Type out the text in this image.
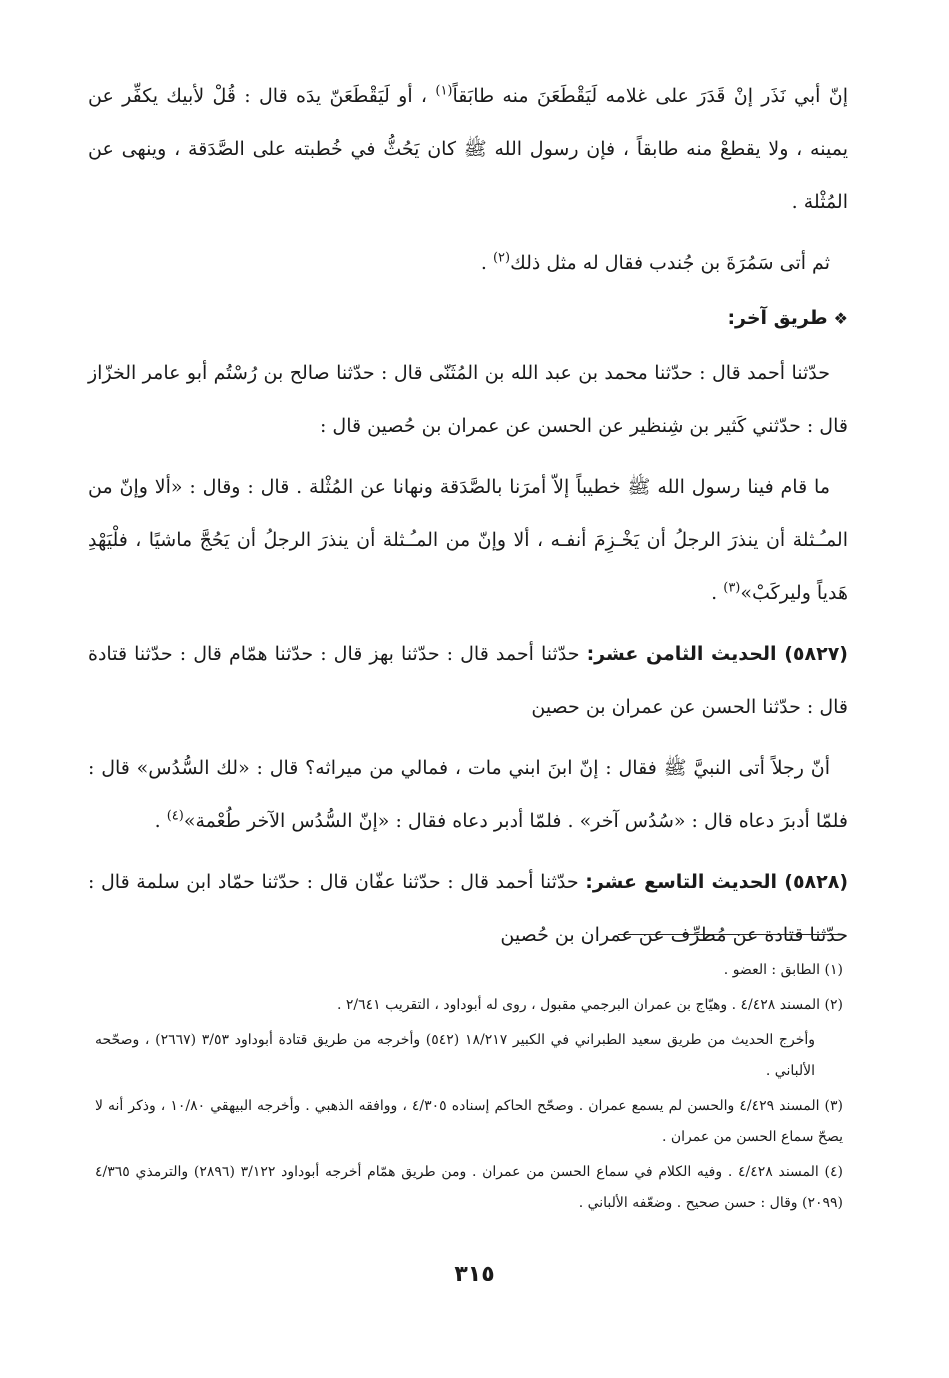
إنّ أبي نَذَر إنْ قَدَرَ على غلامه لَيَقْطَعَنَ منه طابَقاً$^{(١)}$ ، أو لَيَقْطَعَنّ يدَه قال : قُلْ لأبيك يكفِّر عن يمينه ، ولا يقطعْ منه طابقاً ، فإن رسول الله ﷺ كان يَحُثُّ في خُطبته على الصَّدَقة ، وينهى عن المُثْلة .

ثم أتى سَمُرَةَ بن جُندب فقال له مثل ذلك$^{(٢)}$ .

❖طريق آخر:

حدّثنا أحمد قال : حدّثنا محمد بن عبد الله بن المُثَنّى قال : حدّثنا صالح بن رُسْتُم أبو عامر الخزّاز قال : حدّثني كَثير بن شِنظير عن الحسن عن عمران بن حُصين قال :

ما قام فينا رسول الله ﷺ خطيباً إلاّ أمرَنا بالصَّدَقة ونهانا عن المُثْلة . قال : وقال : «ألا وإنّ من المـُـثلة أن ينذرَ الرجلُ أن يَخْـزِمَ أنفـه ، ألا وإنّ من المـُـثلة أن ينذرَ الرجلُ أن يَحُجَّ ماشيًا ، فلْيَهْدِ هَدياً وليركَبْ»$^{(٣)}$ .

(٥٨٢٧) الحديث الثامن عشر: حدّثنا أحمد قال : حدّثنا بهز قال : حدّثنا همّام قال : حدّثنا قتادة قال : حدّثنا الحسن عن عمران بن حصين

أنّ رجلاً أتى النبيَّ ﷺ فقال : إنّ ابنَ ابني مات ، فمالي من ميراثه؟ قال : «لك السُّدُس» قال : فلمّا أدبرَ دعاه قال : «سُدُس آخر» . فلمّا أدبر دعاه فقال : «إنّ السُّدُس الآخر طُعْمة»$^{(٤)}$ .

(٥٨٢٨) الحديث التاسع عشر: حدّثنا أحمد قال : حدّثنا عفّان قال : حدّثنا حمّاد ابن سلمة قال : حدّثنا قتادة عن مُطرِّف عن عمران بن حُصين

(١) الطابق : العضو .

(٢) المسند ٤/٤٢٨ . وهيّاج بن عمران البرجمي مقبول ، روى له أبوداود ، التقريب ٢/٦٤١ .

وأخرج الحديث من طريق سعيد الطبراني في الكبير ١٨/٢١٧ (٥٤٢) وأخرجه من طريق قتادة أبوداود ٣/٥٣ (٢٦٦٧) ، وصحّحه الألباني .

(٣) المسند ٤/٤٢٩ والحسن لم يسمع عمران . وصحّح الحاكم إسناده ٤/٣٠٥ ، ووافقه الذهبي . وأخرجه البيهقي ١٠/٨٠ ، وذكر أنه لا يصحّ سماع الحسن من عمران .

(٤) المسند ٤/٤٢٨ . وفيه الكلام في سماع الحسن من عمران . ومن طريق همّام أخرجه أبوداود ٣/١٢٢ (٢٨٩٦) والترمذي ٤/٣٦٥ (٢٠٩٩) وقال : حسن صحيح . وضعّفه الألباني .

٣١٥
